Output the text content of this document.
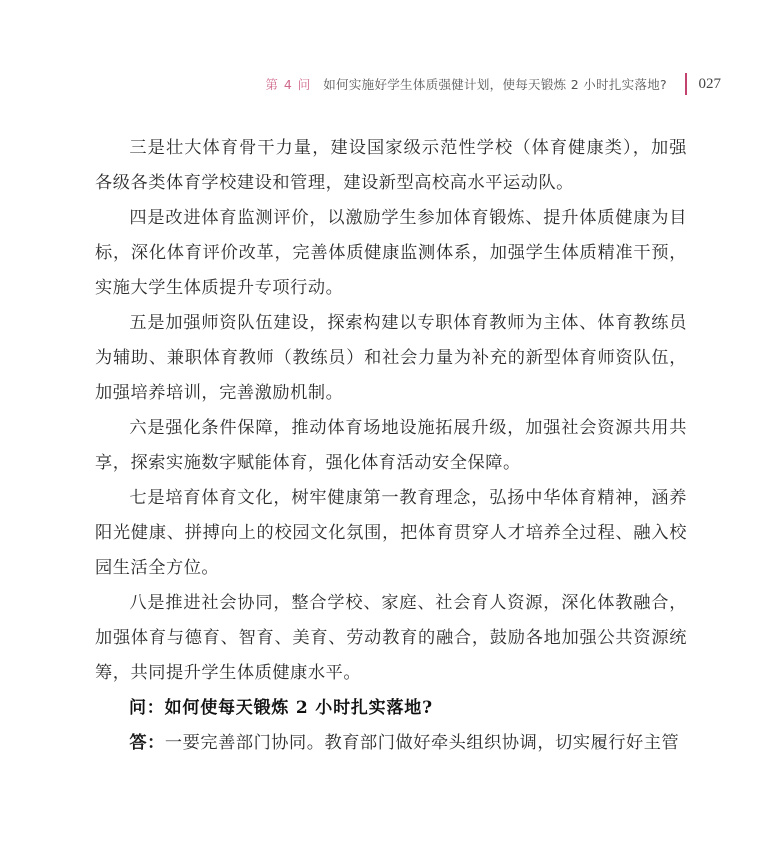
第 4 问 如何实施好学生体质强健计划，使每天锻炼 2 小时扎实落地? 027

三是壮大体育骨干力量，建设国家级示范性学校（体育健康类），加强各级各类体育学校建设和管理，建设新型高校高水平运动队。

四是改进体育监测评价，以激励学生参加体育锻炼、提升体质健康为目标，深化体育评价改革，完善体质健康监测体系，加强学生体质精准干预，实施大学生体质提升专项行动。

五是加强师资队伍建设，探索构建以专职体育教师为主体、体育教练员为辅助、兼职体育教师（教练员）和社会力量为补充的新型体育师资队伍，加强培养培训，完善激励机制。

六是强化条件保障，推动体育场地设施拓展升级，加强社会资源共用共享，探索实施数字赋能体育，强化体育活动安全保障。

七是培育体育文化，树牢健康第一教育理念，弘扬中华体育精神，涵养阳光健康、拼搏向上的校园文化氛围，把体育贯穿人才培养全过程、融入校园生活全方位。

八是推进社会协同，整合学校、家庭、社会育人资源，深化体教融合，加强体育与德育、智育、美育、劳动教育的融合，鼓励各地加强公共资源统筹，共同提升学生体质健康水平。

问：如何使每天锻炼 2 小时扎实落地?

答：一要完善部门协同。教育部门做好牵头组织协调，切实履行好主管
